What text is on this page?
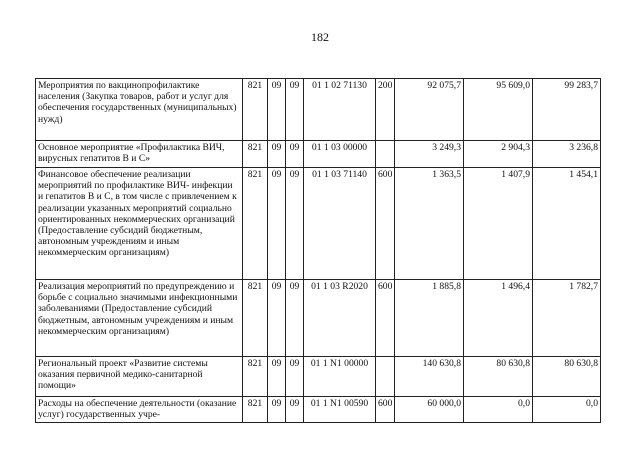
182
Мероприятия по вакцинопрофилактике населения (Закупка товаров, работ и услуг для обеспечения государственных (муниципальных) нужд)	821	09	09	01 1 02 71130	200	92 075,7	95 609,0	99 283,7
Основное мероприятие «Профилактика ВИЧ, вирусных гепатитов В и С»	821	09	09	01 1 03 00000		3 249,3	2 904,3	3 236,8
Финансовое обеспечение реализации мероприятий по профилактике ВИЧ- инфекции и гепатитов В и С, в том числе с привлечением к реализации указанных мероприятий социально ориентированных некоммерческих организаций (Предоставление субсидий бюджетным, автономным учреждениям и иным некоммерческим организациям)	821	09	09	01 1 03 71140	600	1 363,5	1 407,9	1 454,1
Реализация мероприятий по предупреждению и борьбе с социально значимыми инфекционными заболеваниями (Предоставление субсидий бюджетным, автономным учреждениям и иным некоммерческим организациям)	821	09	09	01 1 03 R2020	600	1 885,8	1 496,4	1 782,7
Региональный проект «Развитие системы оказания первичной медико-санитарной помощи»	821	09	09	01 1 N1 00000		140 630,8	80 630,8	80 630,8
Расходы на обеспечение деятельности (оказание услуг) государственных учре-	821	09	09	01 1 N1 00590	600	60 000,0	0,0	0,0
